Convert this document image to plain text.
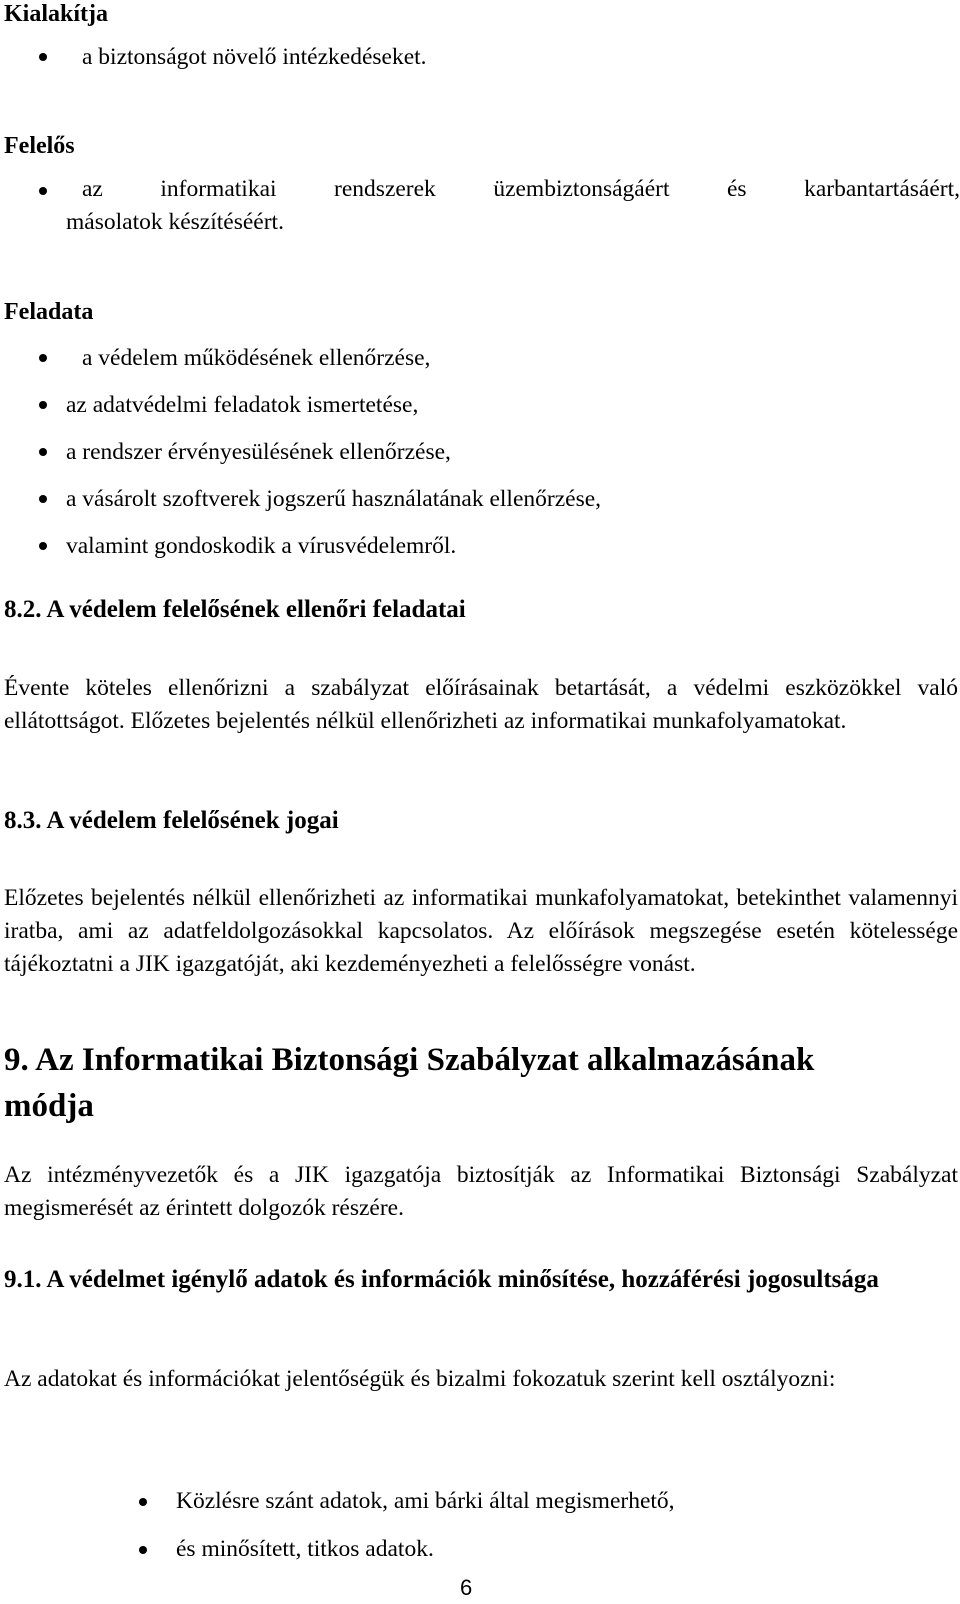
Kialakítja
a biztonságot növelő intézkedéseket.
Felelős
az informatikai rendszerek üzembiztonságáért és karbantartásáért,
másolatok készítéséért.
Feladata
a védelem működésének ellenőrzése,
az adatvédelmi feladatok ismertetése,
a rendszer érvényesülésének ellenőrzése,
a vásárolt szoftverek jogszerű használatának ellenőrzése,
valamint gondoskodik a vírusvédelemről.
8.2. A védelem felelősének ellenőri feladatai
Évente köteles ellenőrizni a szabályzat előírásainak betartását, a védelmi eszközökkel való ellátottságot. Előzetes bejelentés nélkül ellenőrizheti az informatikai munkafolyamatokat.
8.3. A védelem felelősének jogai
Előzetes bejelentés nélkül ellenőrizheti az informatikai munkafolyamatokat, betekinthet valamennyi iratba, ami az adatfeldolgozásokkal kapcsolatos. Az előírások megszegése esetén kötelessége tájékoztatni a JIK igazgatóját, aki kezdeményezheti a felelősségre vonást.
9. Az Informatikai Biztonsági Szabályzat alkalmazásának módja
Az intézményvezetők és a JIK igazgatója biztosítják az Informatikai Biztonsági Szabályzat megismerését az érintett dolgozók részére.
9.1. A védelmet igénylő adatok és információk minősítése, hozzáférési jogosultsága
Az adatokat és információkat jelentőségük és bizalmi fokozatuk szerint kell osztályozni:
Közlésre szánt adatok, ami bárki által megismerhető,
és minősített, titkos adatok.
6
